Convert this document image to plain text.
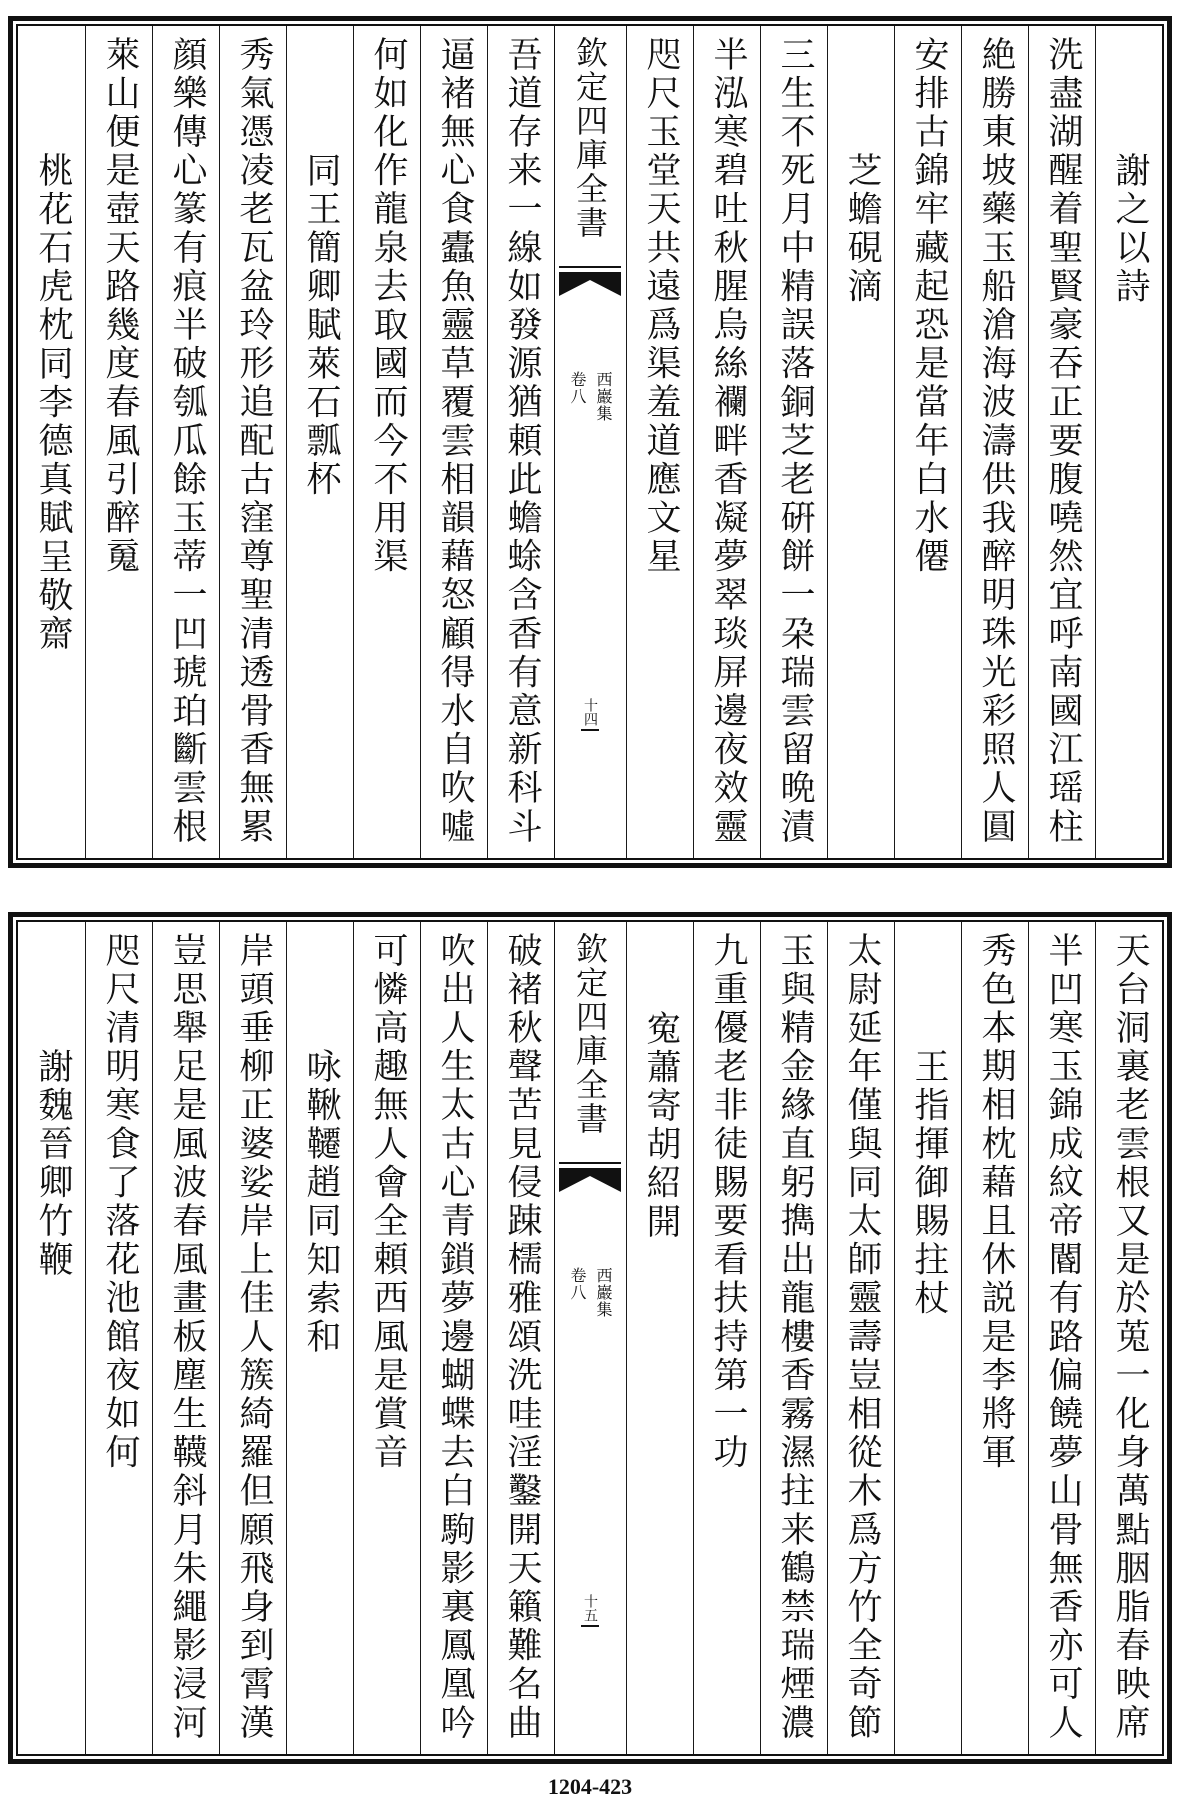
謝之以詩
洗盡湖醒着聖賢豪吞正要腹嘵然宜呼南國江瑶柱
絶勝東坡藥玉船滄海波濤供我醉明珠光彩照人圓
安排古錦牢藏起恐是當年白水僊
芝蟾硯滴
三生不死月中精誤落銅芝老硏餅一朶瑞雲留晩漬
半泓寒碧吐秋腥烏絲襴畔香凝夢翠琰屏邊夜效靈
咫尺玉堂天共遠爲渠羞道應文星
欽定四庫全書
西巖集
卷八
十四
吾道存来一線如發源猶頼此蟾蜍含香有意新科斗
逼褚無心食蠹魚靈草覆雲相韻藉怒顧得水自吹噓
何如化作龍泉去取國而今不用渠
同王簡卿賦萊石瓢杯
秀氣憑凌老瓦盆玲形追配古窪尊聖清透骨香無累
顔樂傳心篆有痕半破瓠瓜餘玉蒂一凹琥珀斷雲根
萊山便是壺天路幾度春風引醉䰟
桃花石虎枕同李德真賦呈敬齋
天台洞裏老雲根又是於莵一化身萬點胭脂春映席
半凹寒玉錦成紋帝閽有路偏饒夢山骨無香亦可人
秀色本期相枕藉且休説是李將軍
王指揮御賜拄杖
太尉延年僅與同太師靈壽豈相從木爲方竹全奇節
玉與精金緣直躬擕出龍樓香霧濕拄来鶴禁瑞煙濃
九重優老非徒賜要看扶持第一功
寃蕭寄胡紹開
欽定四庫全書
西巖集
卷八
十五
破褚秋聲苦見侵踈檽雅頌洗哇淫鑿開天籟難名曲
吹出人生太古心青鎖夢邊蝴蝶去白駒影裏鳳凰吟
可憐高趣無人會全頼西風是賞音
咏鞦韆趙同知索和
岸頭垂柳正婆娑岸上佳人簇綺羅但願飛身到霄漢
豈思舉足是風波春風畫板塵生韈斜月朱繩影浸河
咫尺清明寒食了落花池館夜如何
謝魏晉卿竹鞭
1204-423
